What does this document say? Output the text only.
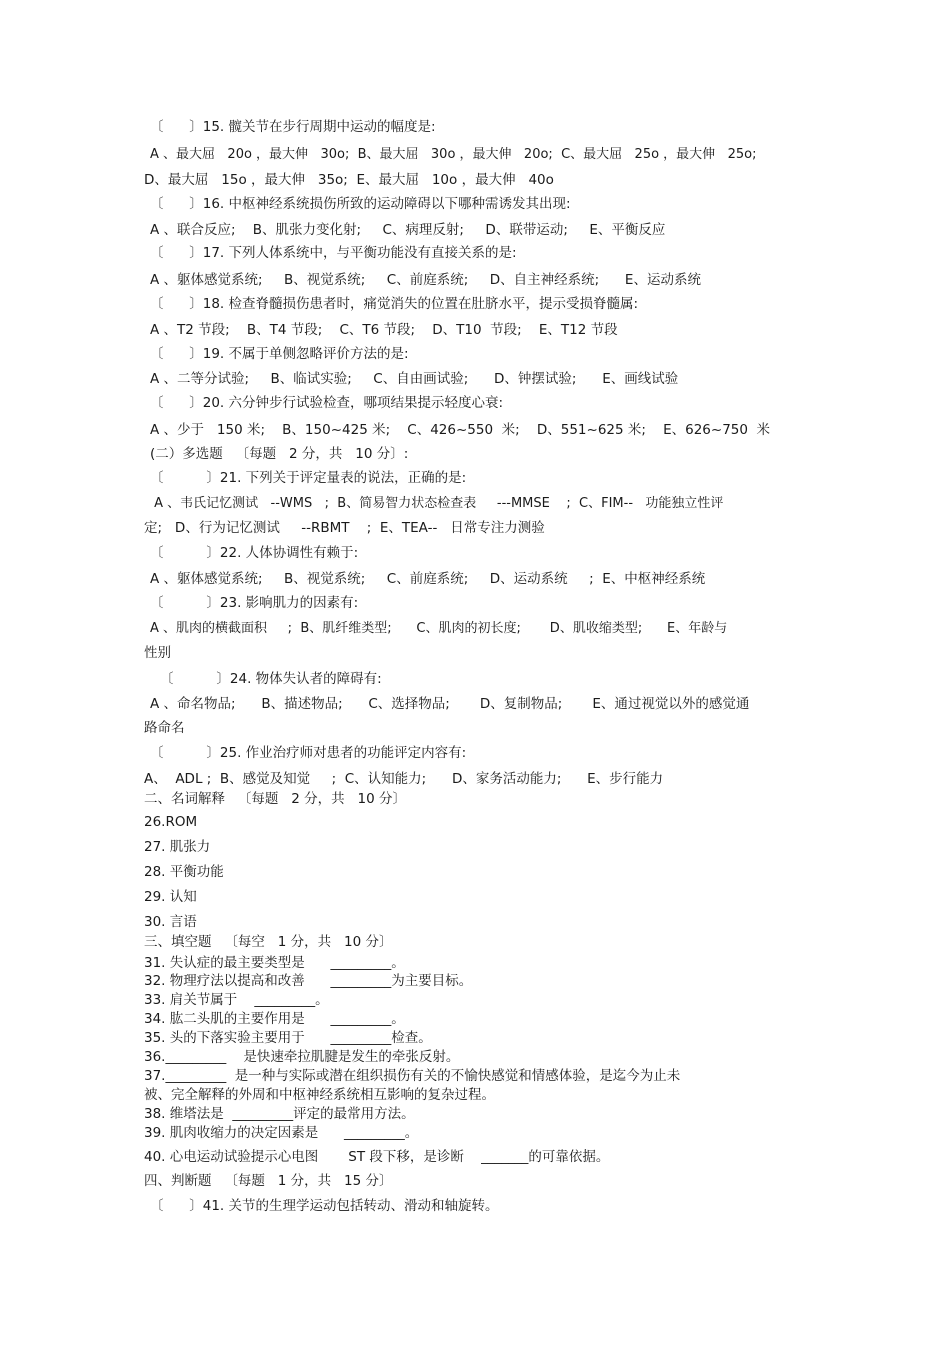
〔      〕15. 髋关节在步行周期中运动的幅度是:
A 、最大屈   20o ，最大伸   30o;  B、最大屈   30o ，最大伸   20o;  C、最大屈   25o ，最大伸   25o;
D、最大屈   15o ，最大伸   35o;  E、最大屈   10o ，最大伸   40o
〔      〕16. 中枢神经系统损伤所致的运动障碍以下哪种需诱发其出现:
A 、联合反应;    B、肌张力变化射;     C、病理反射;     D、联带运动;     E、平衡反应
〔      〕17. 下列人体系统中，与平衡功能没有直接关系的是:
A 、躯体感觉系统;     B、视觉系统;     C、前庭系统;     D、自主神经系统;      E、运动系统
〔      〕18. 检查脊髓损伤患者时，痛觉消失的位置在肚脐水平，提示受损脊髓属:
A 、T2 节段;    B、T4 节段;    C、T6 节段;    D、T10  节段;    E、T12 节段
〔      〕19. 不属于单侧忽略评价方法的是:
A 、二等分试验;     B、临试实验;     C、自由画试验;      D、钟摆试验;      E、画线试验
〔      〕20. 六分钟步行试验检查，哪项结果提示轻度心衰:
A 、少于   150 米;    B、150~425 米;    C、426~550  米;    D、551~625 米;    E、626~750  米
(二）多选题   〔每题   2 分，共   10 分〕:
〔          〕21. 下列关于评定量表的说法，正确的是:
A 、韦氏记忆测试   --WMS   ;  B、简易智力状态检查表     ---MMSE    ;  C、FIM--   功能独立性评
定;   D、行为记忆测试     --RBMT    ;  E、TEA--   日常专注力测验
〔          〕22. 人体协调性有赖于:
A 、躯体感觉系统;     B、视觉系统;     C、前庭系统;     D、运动系统     ;  E、中枢神经系统
〔          〕23. 影响肌力的因素有:
A 、肌肉的横截面积     ;  B、肌纤维类型;      C、肌肉的初长度;       D、肌收缩类型;      E、年龄与
性别
〔          〕24. 物体失认者的障碍有:
A 、命名物品;      B、描述物品;      C、选择物品;       D、复制物品;       E、通过视觉以外的感觉通
路命名
〔          〕25. 作业治疗师对患者的功能评定内容有:
A、  ADL ;  B、感觉及知觉     ;  C、认知能力;      D、家务活动能力;      E、步行能力
二、名词解释   〔每题   2 分，共   10 分〕
26.ROM
27. 肌张力
28. 平衡功能
29. 认知
30. 言语
三、填空题   〔每空   1 分，共   10 分〕
31. 失认症的最主要类型是      _________。
32. 物理疗法以提高和改善      _________为主要目标。
33. 肩关节属于    _________。
34. 肱二头肌的主要作用是      _________。
35. 头的下落实验主要用于      _________检查。
36._________    是快速牵拉肌腱是发生的牵张反射。
37._________  是一种与实际或潜在组织损伤有关的不愉快感觉和情感体验，是迄今为止未
被、完全解释的外周和中枢神经系统相互影响的复杂过程。
38. 维塔法是  _________评定的最常用方法。
39. 肌肉收缩力的决定因素是      _________。
40. 心电运动试验提示心电图       ST 段下移，是诊断    _______的可靠依据。
四、判断题   〔每题   1 分，共   15 分〕
〔      〕41. 关节的生理学运动包括转动、滑动和轴旋转。
